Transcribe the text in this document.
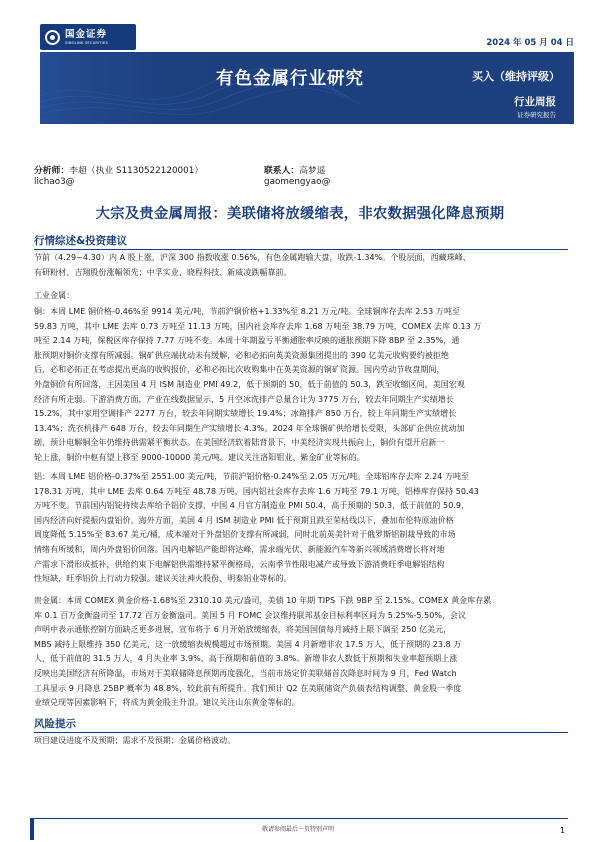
国金证券
SINOLINK SECURITIES	2024 年 05 月 04 日
有色金属行业研究	买入（维持评级）
行业周报
证券研究报告
分析师：李超（执业 S1130522120001）
lichao3@
联系人：高梦遥
gaomengyao@
大宗及贵金属周报：美联储将放缓缩表，非农数据强化降息预期
行情综述&投资建议
节前（4.29~4.30）内 A 股上涨，沪深 300 指数收涨 0.56%，有色金属跑输大盘，收跌-1.34%。个股层面，西藏珠峰、
有研粉材、吉翔股份涨幅领先；中孚实业、晓程科技、新威凌跌幅靠前。
工业金属：
铜：本周 LME 铜价格-0.46%至 9914 美元/吨，节前沪铜价格+1.33%至 8.21 万元/吨。全球铜库存去库 2.53 万吨至
59.83 万吨，其中 LME 去库 0.73 万吨至 11.13 万吨，国内社会库存去库 1.68 万吨至 38.79 万吨，COMEX 去库 0.13 万
吨至 2.14 万吨，保税区库存保持 7.77 万吨不变。本周十年期盈亏平衡通胀率反映的通胀预期下降 8BP 至 2.35%，通
胀预期对铜价支撑有所减弱。铜矿供应端扰动未有缓解，必和必拓向英美资源集团提出的 390 亿美元收购要约被拒绝
后，必和必拓正在考虑提出更高的收购报价，必和必拓比次收购集中在英美资源的铜矿资源。国内劳动节收盘期间，
外盘铜价有所回落，主因美国 4 月 ISM 制造业 PMI 49.2，低于预期的 50，低于前值的 50.3，跌至收缩区间，美国宏观
经济有所走弱。下游消费方面，产业在线数据显示，5 月空冰洗排产总量合计为 3775 万台，较去年同期生产实绩增长
15.2%，其中家用空调排产 2277 万台，较去年同期实绩增长 19.4%；冰箱排产 850 万台，较上年同期生产实绩增长
13.4%；洗衣机排产 648 万台，较去年同期生产实绩增长 4.3%。2024 年全球铜矿供给增长受限，头部矿企供应扰动加
剧，预计电解铜全年仍维持供需紧平衡状态。在美国经济软着陆背景下，中美经济实现共振向上，铜价有望开启新一
轮上涨，铜价中枢有望上移至 9000-10000 美元/吨。建议关注洛阳钼业、紫金矿业等标的。
铝：本周 LME 铝价格-0.37%至 2551.00 美元/吨，节前沪铝价格-0.24%至 2.05 万元/吨。全球铝库存去库 2.24 万吨至
178.31 万吨，其中 LME 去库 0.64 万吨至 48.78 万吨，国内铝社会库存去库 1.6 万吨至 79.1 万吨，铝棒库存保持 50.43
万吨不变。节前国内铝锭持续去库给予铝价支撑，中国 4 月官方制造业 PMI 50.4，高于预期的 50.3，低于前值的 50.9，
国内经济向好提振内盘铝价。海外方面，美国 4 月 ISM 制造业 PMI 低于预期且跌至荣枯线以下，叠加布伦特原油价格
周度降低 5.15%至 83.67 美元/桶，成本端对于外盘铝价支撑有所减弱，同时北前英美针对于俄罗斯铝制裁导致的市场
情绪有所缓和，周内外盘铝价回落。国内电解铝产能即将达峰，需求端光伏、新能源汽车等新兴领域消费增长将对地
产需求下滑形成抵补，供给约束下电解铝供需维持紧平衡格局，云南季节性限电减产或导致下游消费旺季电解铝结构
性短缺，旺季铝价上行动力较强。建议关注神火股份、明泰铝业等标的。
贵金属：本周 COMEX 黄金价格-1.68%至 2310.10 美元/盎司，美债 10 年期 TIPS 下跌 9BP 至 2.15%。COMEX 黄金库存累
库 0.1 百万金衡盎司至 17.72 百万金衡盎司。美国 5 月 FOMC 会议维持联邦基金目标利率区间为 5.25%-5.50%，会议
声明中表示通胀控制方面缺乏更多进展，宣布将于 6 月开始放缓缩表，将美国国债每月减持上限下调至 250 亿美元，
MBS 减持上限维持 350 亿美元，这一放缓缩表规模超过市场预期。美国 4 月新增非农 17.5 万人，低于预期的 23.8 万
人，低于前值的 31.5 万人，4 月失业率 3.9%，高于预期和前值的 3.8%。新增非农人数低于预期和失业率超预期上涨
反映出美国经济有所降温，市场对于美联储降息预期再度强化，当前市场定价美联储首次降息时间为 9 月，Fed Watch
工具显示 9 月降息 25BP 概率为 48.8%，较此前有所提升。我们预计 Q2 在美联储资产负债表结构调整、黄金股一季度
业绩兑现等因素影响下，将成为黄金股主升浪。建议关注山东黄金等标的。
风险提示
项目建设进度不及预期；需求不及预期；金属价格波动。
敬请参阅最后一页特别声明	1
